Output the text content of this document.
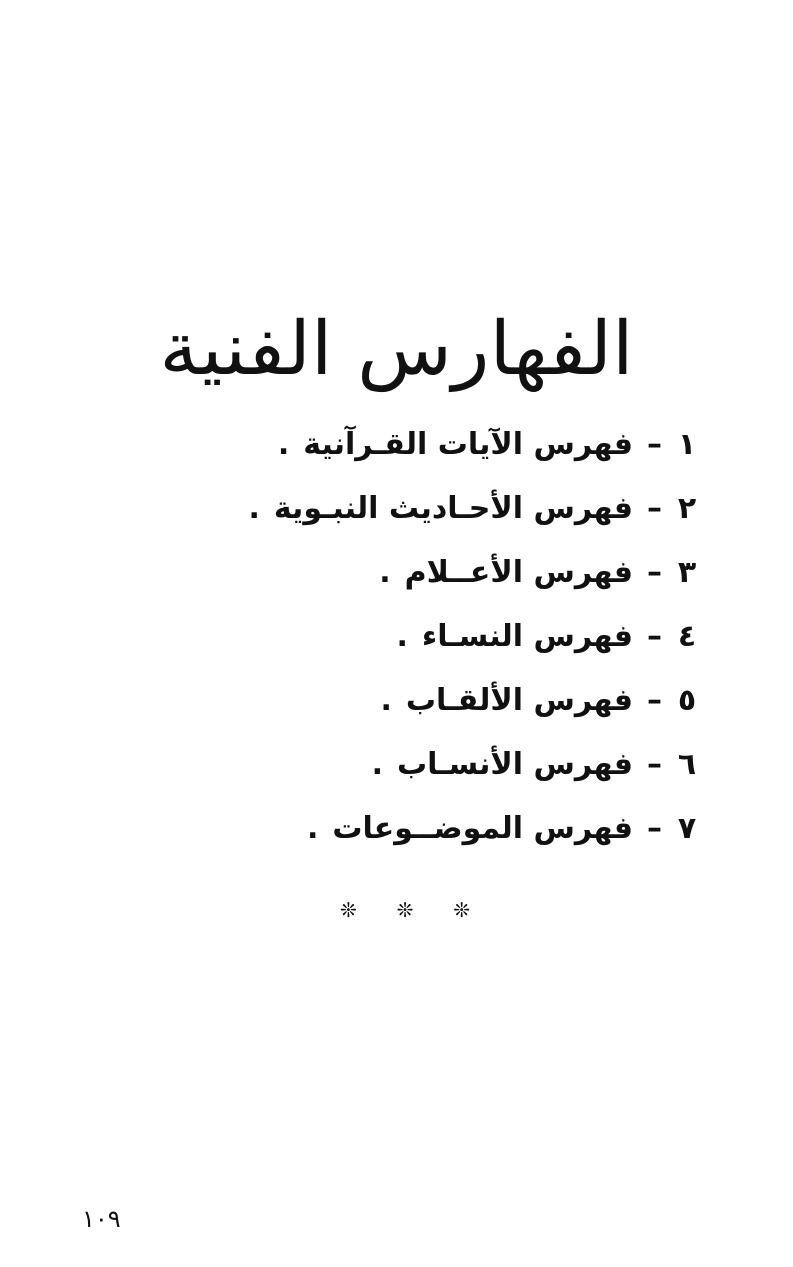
الفهارس الفنية
١
–
فهرس الآيات القـرآنية
.
٢
–
فهرس الأحـاديث النبـوية
.
٣
–
فهرس الأعــلام
.
٤
–
فهرس النسـاء
.
٥
–
فهرس الألقـاب
.
٦
–
فهرس الأنسـاب
.
٧
–
فهرس الموضــوعات
.
❊ ❊ ❊
١٠٩
